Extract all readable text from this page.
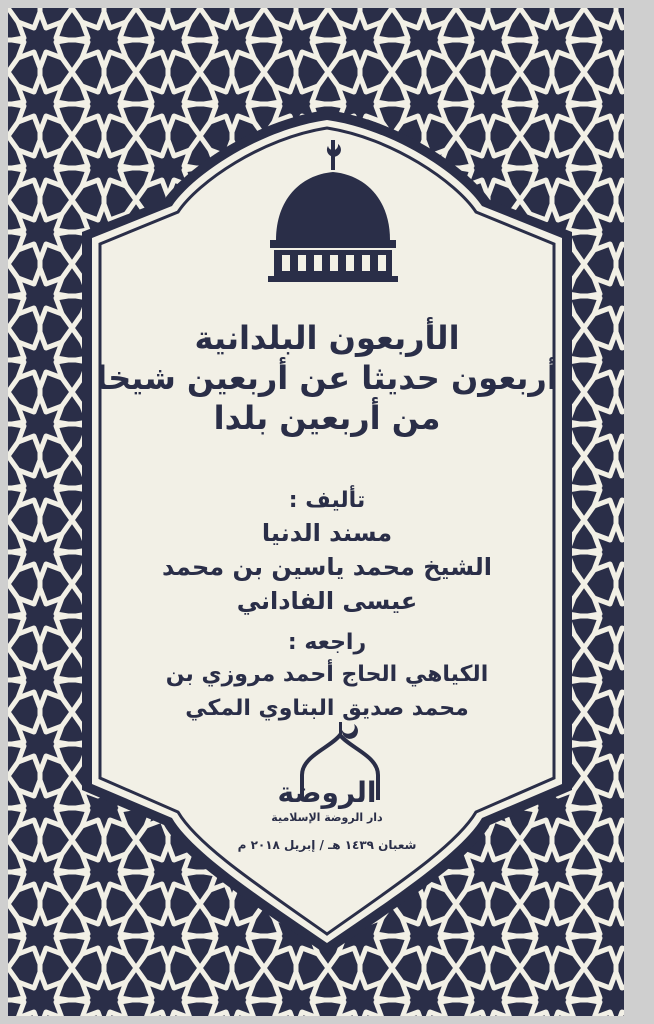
الأربعون البلدانية
أربعون حديثا عن أربعين شيخا
من أربعين بلدا
تأليف :
مسند الدنيا
الشيخ محمد ياسين بن محمد
عيسى الفاداني
راجعه :
الكياهي الحاج أحمد مروزي بن
محمد صديق البتاوي المكي
الروضة
دار الروضة الإسلامية
شعبان ١٤٣٩ هـ / إبريل ٢٠١٨ م
